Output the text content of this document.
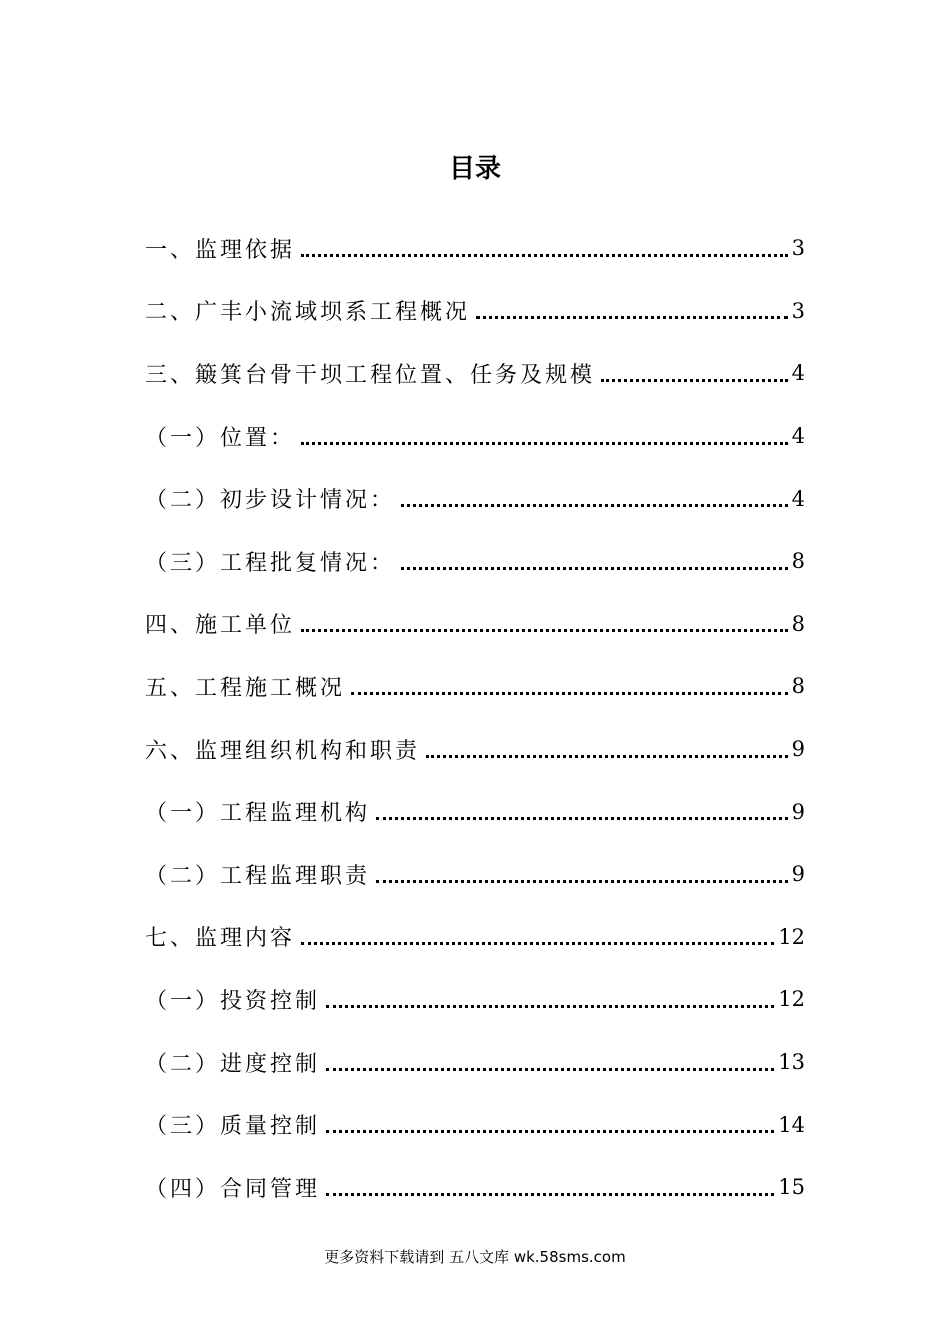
目录
一、监理依据	3
二、广丰小流域坝系工程概况	3
三、簸箕台骨干坝工程位置、任务及规模	4
（一）位置：	4
（二）初步设计情况：	4
（三）工程批复情况：	8
四、施工单位	8
五、工程施工概况	8
六、监理组织机构和职责	9
（一）工程监理机构	9
（二）工程监理职责	9
七、监理内容	12
（一）投资控制	12
（二）进度控制	13
（三）质量控制	14
（四）合同管理	15
更多资料下载请到 五八文库 wk.58sms.com
